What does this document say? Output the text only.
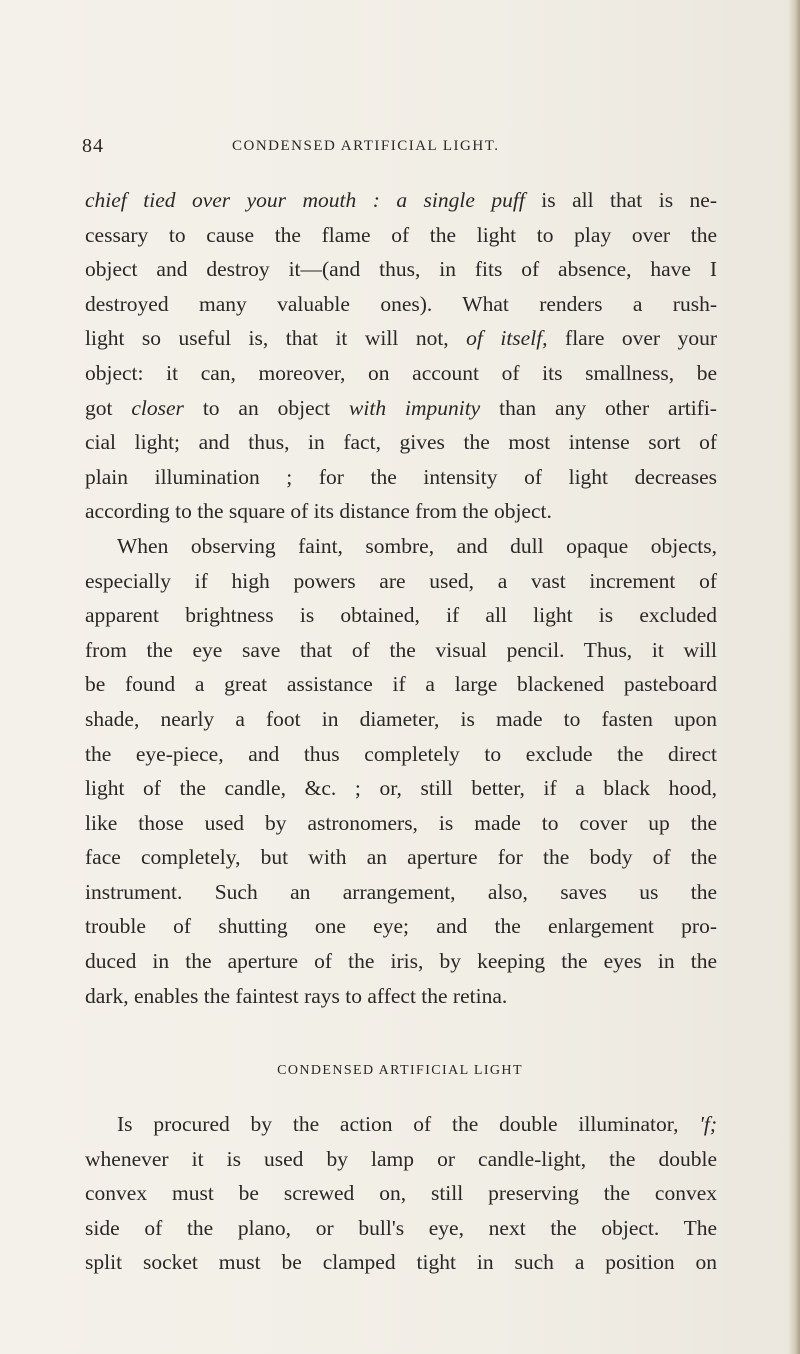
84	CONDENSED ARTIFICIAL LIGHT.
chief tied over your mouth : a single puff is all that is ne-
cessary to cause the flame of the light to play over the
object and destroy it—(and thus, in fits of absence, have I
destroyed many valuable ones). What renders a rush-
light so useful is, that it will not, of itself, flare over your
object: it can, moreover, on account of its smallness, be
got closer to an object with impunity than any other artifi-
cial light; and thus, in fact, gives the most intense sort of
plain illumination ; for the intensity of light decreases
according to the square of its distance from the object.
When observing faint, sombre, and dull opaque objects,
especially if high powers are used, a vast increment of
apparent brightness is obtained, if all light is excluded
from the eye save that of the visual pencil. Thus, it will
be found a great assistance if a large blackened pasteboard
shade, nearly a foot in diameter, is made to fasten upon
the eye-piece, and thus completely to exclude the direct
light of the candle, &c. ; or, still better, if a black hood,
like those used by astronomers, is made to cover up the
face completely, but with an aperture for the body of the
instrument. Such an arrangement, also, saves us the
trouble of shutting one eye; and the enlargement pro-
duced in the aperture of the iris, by keeping the eyes in the
dark, enables the faintest rays to affect the retina.
CONDENSED ARTIFICIAL LIGHT
Is procured by the action of the double illuminator, 'f;
whenever it is used by lamp or candle-light, the double
convex must be screwed on, still preserving the convex
side of the plano, or bull's eye, next the object. The
split socket must be clamped tight in such a position on
